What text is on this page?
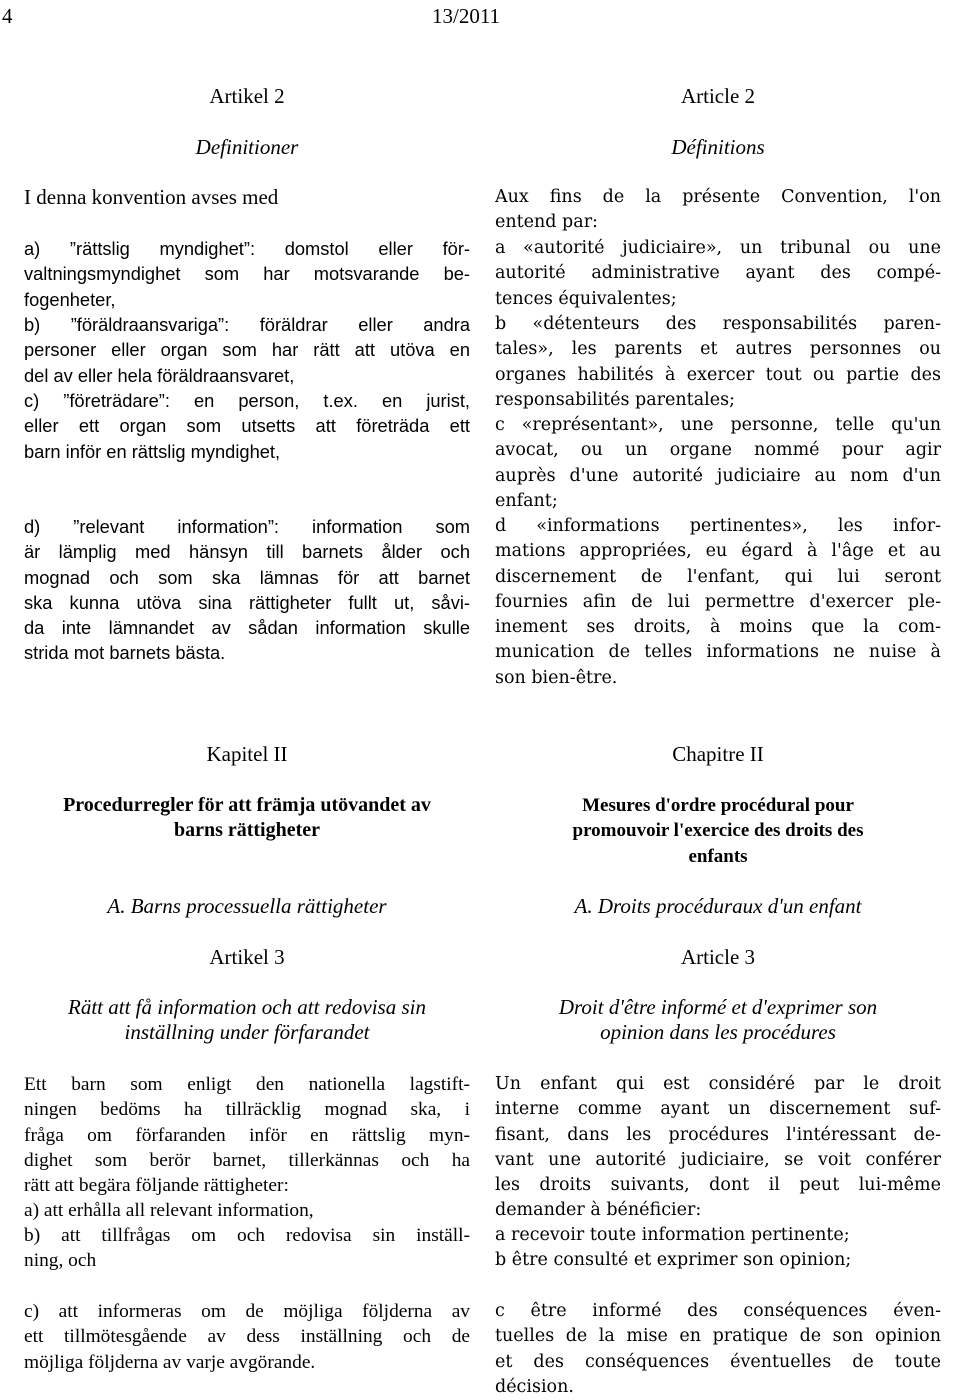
4	13/2011
Artikel 2
Definitioner
I denna konvention avses med

a) ”rättslig myndighet”: domstol eller för-

valtningsmyndighet som har motsvarande be-

fogenheter,

b) ”föräldraansvariga”: föräldrar eller andra

personer eller organ som har rätt att utöva en

del av eller hela föräldraansvaret,

c) ”företrädare”: en person, t.ex. en jurist,

eller ett organ som utsetts att företräda ett

barn inför en rättslig myndighet,

d) ”relevant information”: information som

är lämplig med hänsyn till barnets ålder och

mognad och som ska lämnas för att barnet

ska kunna utöva sina rättigheter fullt ut, såvi-

da inte lämnandet av sådan information skulle

strida mot barnets bästa.

Kapitel II

Procedurregler för att främja utövandet av

barns rättigheter

A. Barns processuella rättigheter
Artikel 3

Rätt att få information och att redovisa sin

inställning under förfarandet

Ett barn som enligt den nationella lagstift-

ningen bedöms ha tillräcklig mognad ska, i

fråga om förfaranden inför en rättslig myn-

dighet som berör barnet, tillerkännas och ha

rätt att begära följande rättigheter:

a) att erhålla all relevant information,

b) att tillfrågas om och redovisa sin inställ-

ning, och

c) att informeras om de möjliga följderna av

ett tillmötesgående av dess inställning och de

möjliga följderna av varje avgörande.

Article 2
Définitions

Aux fins de la présente Convention, l'on

entend par:

a «autorité judiciaire», un tribunal ou une

autorité administrative ayant des compé-

tences équivalentes;

b «détenteurs des responsabilités paren-

tales», les parents et autres personnes ou

organes habilités à exercer tout ou partie des

responsabilités parentales;

c «représentant», une personne, telle qu'un

avocat, ou un organe nommé pour agir

auprès d'une autorité judiciaire au nom d'un

enfant;

d «informations pertinentes», les infor-

mations appropriées, eu égard à l'âge et au

discernement de l'enfant, qui lui seront

fournies afin de lui permettre d'exercer ple-

inement ses droits, à moins que la com-

munication de telles informations ne nuise à

son bien-être.

Chapitre II

Mesures d'ordre procédural pour

promouvoir l'exercice des droits des

enfants

A. Droits procéduraux d'un enfant
Article 3

Droit d'être informé et d'exprimer son

opinion dans les procédures

Un enfant qui est considéré par le droit

interne comme ayant un discernement suf-

fisant, dans les procédures l'intéressant de-

vant une autorité judiciaire, se voit conférer

les droits suivants, dont il peut lui-même

demander à bénéficier:

a recevoir toute information pertinente;
b être consulté et exprimer son opinion;

c être informé des conséquences éven-

tuelles de la mise en pratique de son opinion

et des conséquences éventuelles de toute

décision.
